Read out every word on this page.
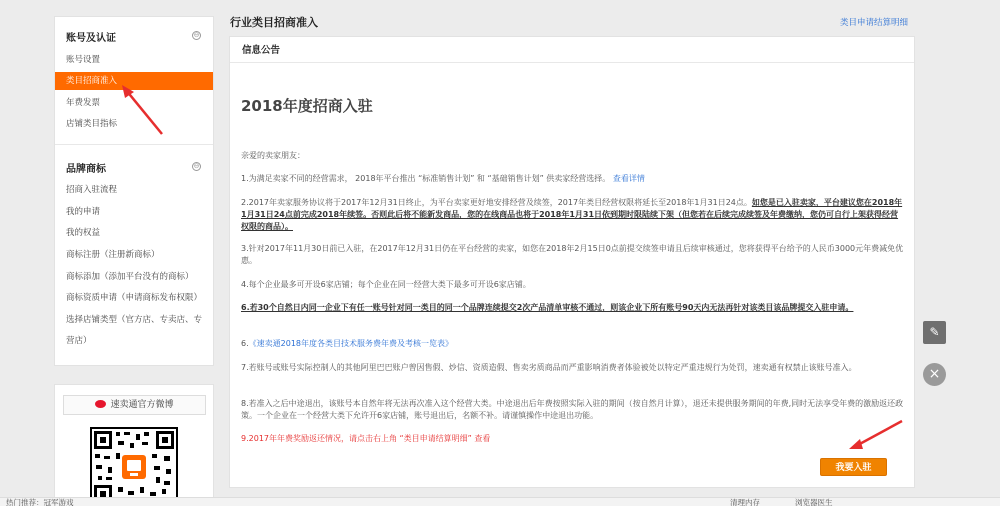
账号及认证	⊖
账号设置
类目招商准入
年费发票
店铺类目指标
品牌商标	⊖
招商入驻流程
我的申请
我的权益
商标注册（注册新商标）
商标添加（添加平台没有的商标）
商标资质申请（申请商标发布权限）
选择店铺类型（官方店、专卖店、专
营店）
速卖通官方微博
行业类目招商准入	类目申请结算明细
信息公告
2018年度招商入驻
亲爱的卖家朋友：
1.为满足卖家不同的经营需求， 2018年平台推出 “标准销售计划” 和 “基础销售计划” 供卖家经营选择。 查看详情
2.2017年卖家服务协议将于2017年12月31日终止，为平台卖家更好地安排经营及续签，2017年类目经营权限将延长至2018年1月31日24点。如您是已入驻卖家，平台建议您在2018年1月31日24点前完成2018年续签。否则此后将不能新发商品，您的在线商品也将于2018年1月31日依到期时限陆续下架（但您若在后续完成续签及年费缴纳，您仍可自行上架获得经营权限的商品）。
3.针对2017年11月30日前已入驻，在2017年12月31日仍在平台经营的卖家，如您在2018年2月15日0点前提交续签申请且后续审核通过，您将获得平台给予的人民币3000元年费减免优惠。
4.每个企业最多可开设6家店铺；每个企业在同一经营大类下最多可开设6家店铺。
6.若30个自然日内同一企业下有任一账号针对同一类目的同一个品牌连续提交2次产品清单审核不通过，则该企业下所有账号90天内无法再针对该类目该品牌提交入驻申请。
6.《速卖通2018年度各类目技术服务费年费及考核一览表》
7.若账号或账号实际控制人的其他阿里巴巴账户曾因售假、炒信、资质造假、售卖劣质商品而严重影响消费者体验被处以特定严重违规行为处罚，速卖通有权禁止该账号准入。
8.若准入之后中途退出，该账号本自然年将无法再次准入这个经营大类。中途退出后年费按照实际入驻的期间（按自然月计算），退还未提供服务期间的年费,同时无法享受年费的激励返还政策。一个企业在一个经营大类下允许开6家店铺，账号退出后，名额不补。请谨慎操作中途退出功能。
9.2017年年费奖励返还情况，请点击右上角 “类目申请结算明细” 查看
我要入驻
✎
×
热门推荐：冠军游戏	清理内存	浏览器医生
